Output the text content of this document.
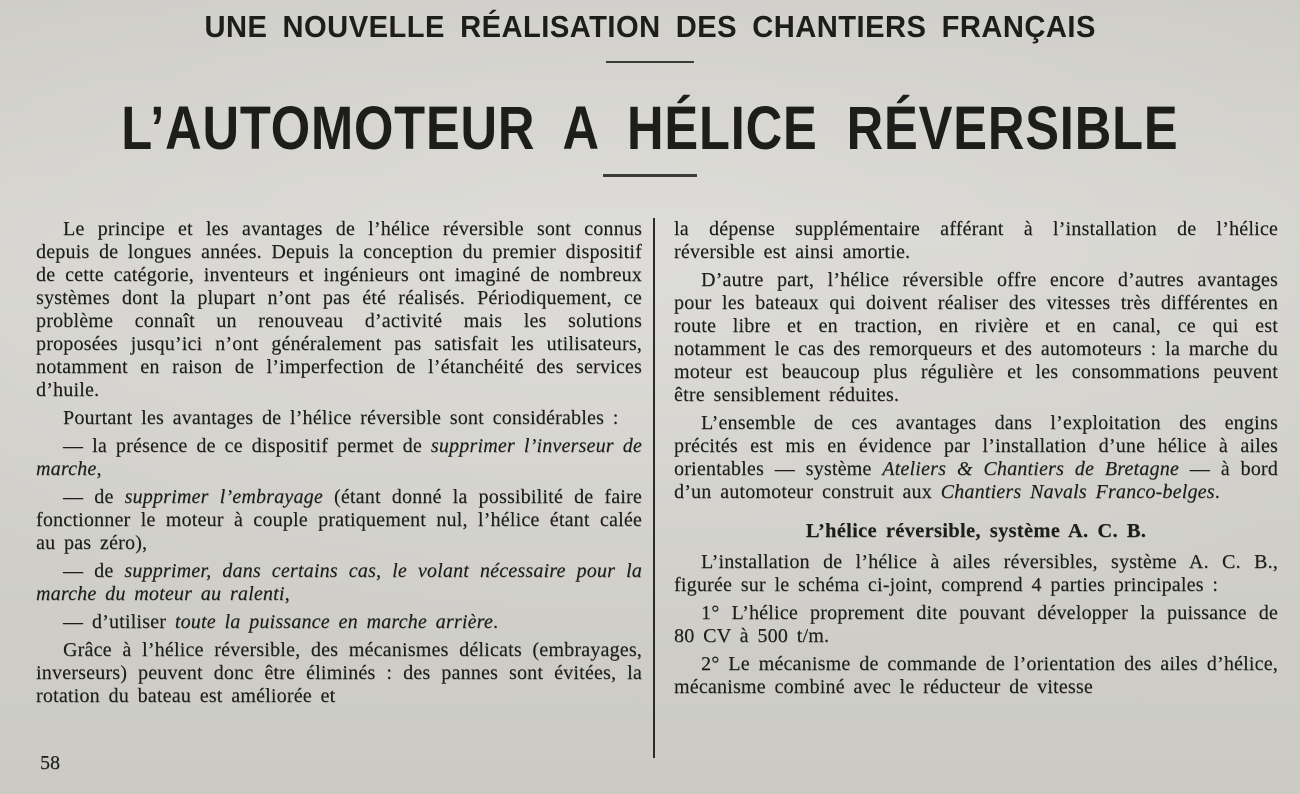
UNE NOUVELLE RÉALISATION DES CHANTIERS FRANÇAIS
L’AUTOMOTEUR A HÉLICE RÉVERSIBLE

Le principe et les avantages de l’hélice réversible sont connus depuis de longues années. Depuis la conception du premier dispositif de cette catégorie, inventeurs et ingénieurs ont imaginé de nombreux systèmes dont la plupart n’ont pas été réalisés. Périodiquement, ce problème connaît un renouveau d’activité mais les solutions proposées jusqu’ici n’ont généralement pas satisfait les utilisateurs, notamment en raison de l’imperfection de l’étanchéité des services d’huile.

Pourtant les avantages de l’hélice réversible sont considérables :

— la présence de ce dispositif permet de supprimer l’inverseur de marche,

— de supprimer l’embrayage (étant donné la possibilité de faire fonctionner le moteur à couple pratiquement nul, l’hélice étant calée au pas zéro),

— de supprimer, dans certains cas, le volant nécessaire pour la marche du moteur au ralenti,

— d’utiliser toute la puissance en marche arrière.

Grâce à l’hélice réversible, des mécanismes délicats (embrayages, inverseurs) peuvent donc être éliminés : des pannes sont évitées, la rotation du bateau est améliorée et

la dépense supplémentaire afférant à l’installation de l’hélice réversible est ainsi amortie.

D’autre part, l’hélice réversible offre encore d’autres avantages pour les bateaux qui doivent réaliser des vitesses très différentes en route libre et en traction, en rivière et en canal, ce qui est notamment le cas des remorqueurs et des automoteurs : la marche du moteur est beaucoup plus régulière et les consommations peuvent être sensiblement réduites.

L’ensemble de ces avantages dans l’exploitation des engins précités est mis en évidence par l’installation d’une hélice à ailes orientables — système Ateliers & Chantiers de Bretagne — à bord d’un automoteur construit aux Chantiers Navals Franco-belges.

L’hélice réversible, système A. C. B.

L’installation de l’hélice à ailes réversibles, système A. C. B., figurée sur le schéma ci-joint, comprend 4 parties principales :

1° L’hélice proprement dite pouvant développer la puissance de 80 CV à 500 t/m.

2° Le mécanisme de commande de l’orientation des ailes d’hélice, mécanisme combiné avec le réducteur de vitesse

58
